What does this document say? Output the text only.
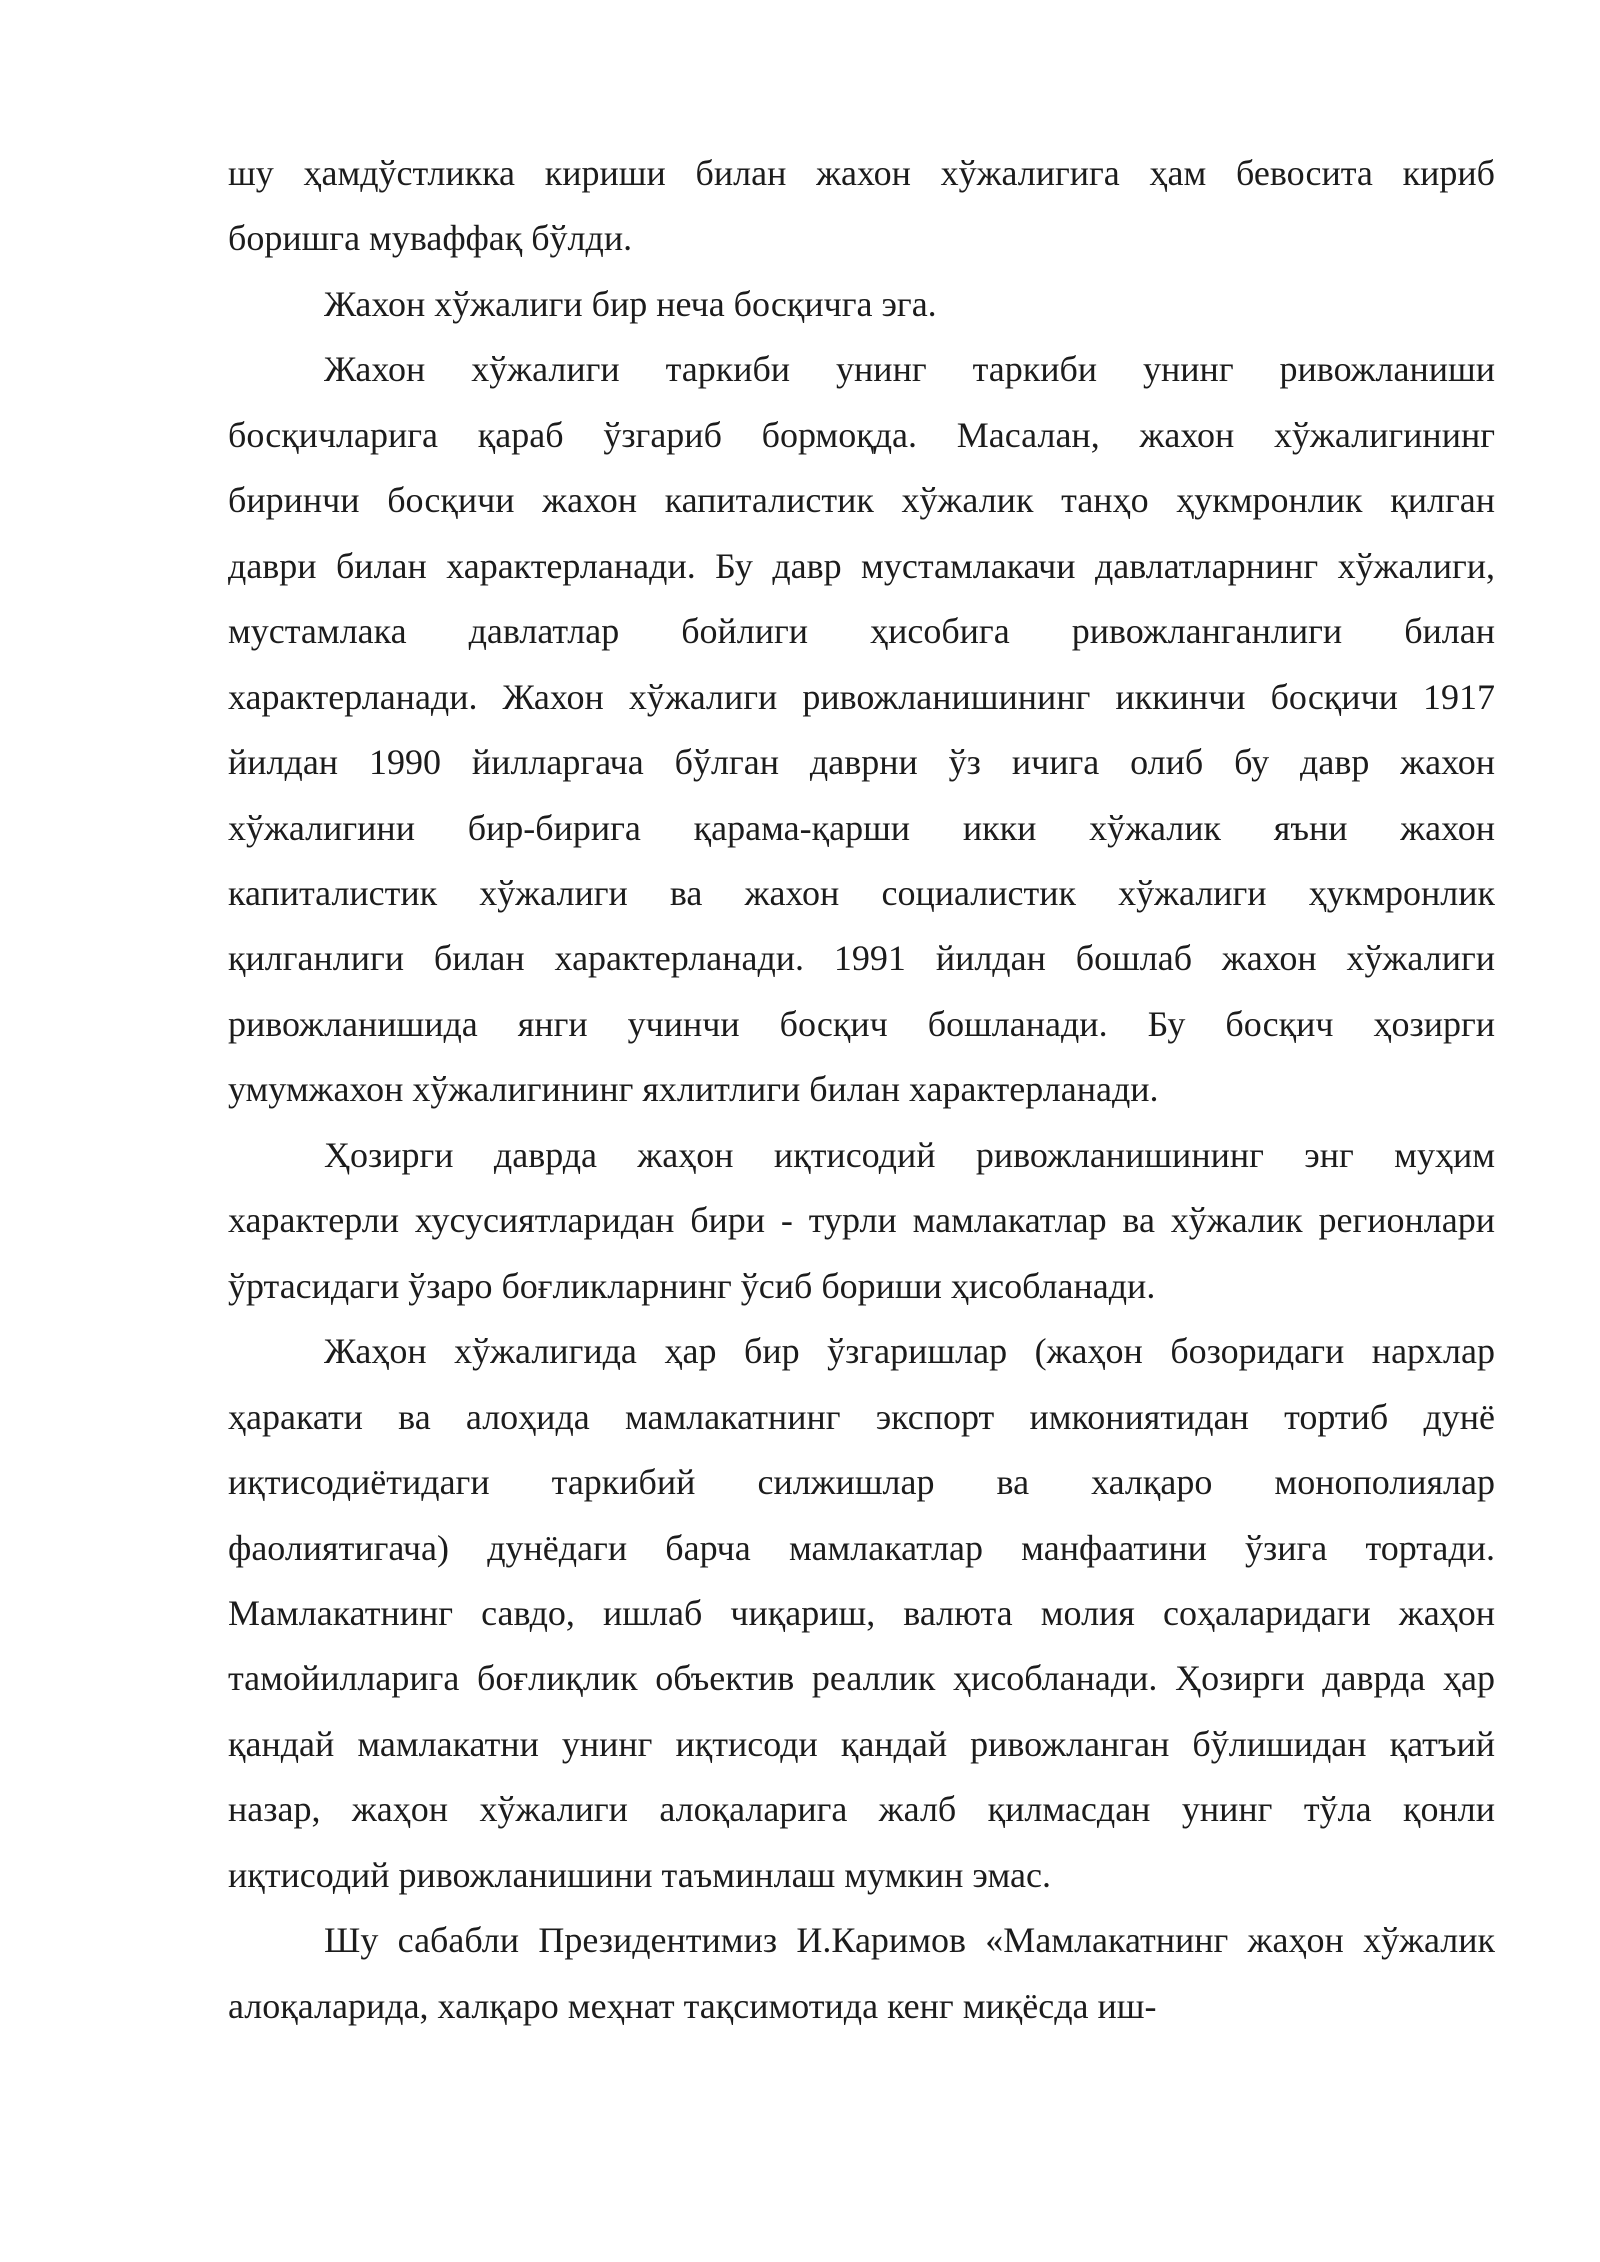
шу ҳамдўстликка кириши билан жахон хўжалигига ҳам бевосита кириб
боришга муваффақ бўлди.
Жахон хўжалиги бир неча босқичга эга.
Жахон хўжалиги таркиби унинг таркиби унинг ривожланиши
босқичларига қараб ўзгариб бормоқда. Масалан, жахон хўжалигининг
биринчи босқичи жахон капиталистик хўжалик танҳо ҳукмронлик қилган
даври билан характерланади. Бу давр мустамлакачи давлатларнинг хўжалиги,
мустамлака давлатлар бойлиги ҳисобига ривожланганлиги билан
характерланади. Жахон хўжалиги ривожланишининг иккинчи босқичи 1917
йилдан 1990 йилларгача бўлган даврни ўз ичига олиб бу давр жахон
хўжалигини бир-бирига қарама-қарши икки хўжалик яъни жахон
капиталистик хўжалиги ва жахон социалистик хўжалиги ҳукмронлик
қилганлиги билан характерланади. 1991 йилдан бошлаб жахон хўжалиги
ривожланишида янги учинчи босқич бошланади. Бу босқич ҳозирги
умумжахон хўжалигининг яхлитлиги билан характерланади.
Ҳозирги даврда жаҳон иқтисодий ривожланишининг энг муҳим
характерли хусусиятларидан бири - турли мамлакатлар ва хўжалик регионлари
ўртасидаги ўзаро боғликларнинг ўсиб бориши ҳисобланади.
Жаҳон хўжалигида ҳар бир ўзгаришлар (жаҳон бозоридаги нархлар
ҳаракати ва алоҳида мамлакатнинг экспорт имкониятидан тортиб дунё
иқтисодиётидаги таркибий силжишлар ва халқаро монополиялар
фаолиятигача) дунёдаги барча мамлакатлар манфаатини ўзига тортади.
Мамлакатнинг савдо, ишлаб чиқариш, валюта молия соҳаларидаги жаҳон
тамойилларига боғлиқлик объектив реаллик ҳисобланади. Ҳозирги даврда ҳар
қандай мамлакатни унинг иқтисоди қандай ривожланган бўлишидан қатъий
назар, жаҳон хўжалиги алоқаларига жалб қилмасдан унинг тўла қонли
иқтисодий ривожланишини таъминлаш мумкин эмас.
Шу сабабли Президентимиз И.Каримов «Мамлакатнинг жаҳон хўжалик
алоқаларида, халқаро меҳнат тақсимотида кенг миқёсда иш-
